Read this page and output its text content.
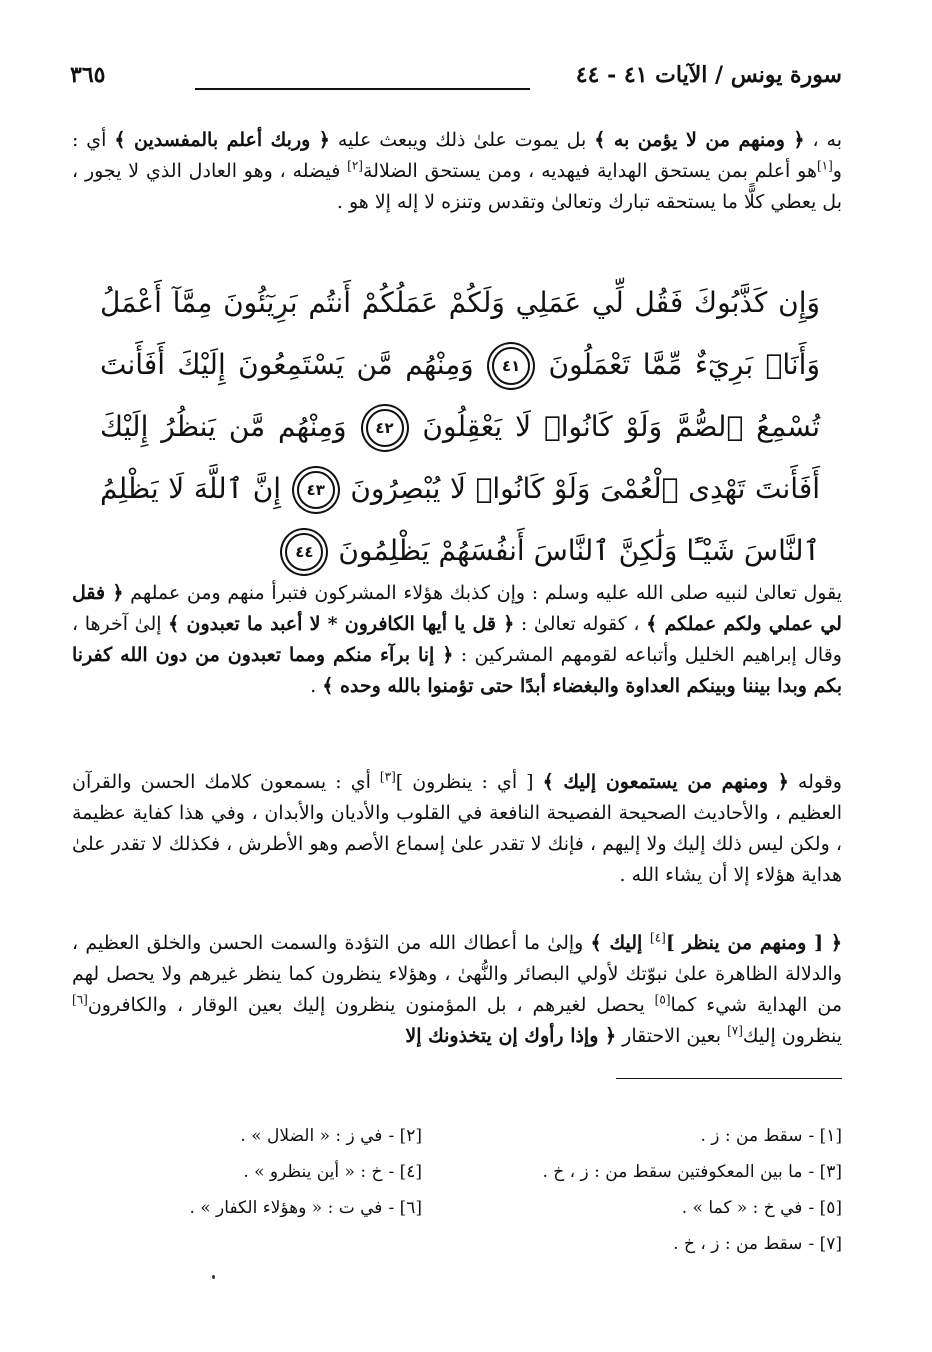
سورة يونس / الآيات ٤١ - ٤٤
٣٦٥
به ، ﴿ ومنهم من لا يؤمن به ﴾ بل يموت علىٰ ذلك ويبعث عليه ﴿ وربك أعلم بالمفسدين ﴾ أي : و[١]هو أعلم بمن يستحق الهداية فيهديه ، ومن يستحق الضلالة[٢] فيضله ، وهو العادل الذي لا يجور ، بل يعطي كلًّا ما يستحقه تبارك وتعالىٰ وتقدس وتنزه لا إله إلا هو .
وَإِن كَذَّبُوكَ فَقُل لِّي عَمَلِي وَلَكُمْ عَمَلُكُمْ أَنتُم بَرِيٓئُونَ مِمَّآ أَعْمَلُ وَأَنَا۠ بَرِيٓءٌ مِّمَّا تَعْمَلُونَ ٤١ وَمِنْهُم مَّن يَسْتَمِعُونَ إِلَيْكَ أَفَأَنتَ تُسْمِعُ ٱلصُّمَّ وَلَوْ كَانُوا۟ لَا يَعْقِلُونَ ٤٢ وَمِنْهُم مَّن يَنظُرُ إِلَيْكَ أَفَأَنتَ تَهْدِى ٱلْعُمْىَ وَلَوْ كَانُوا۟ لَا يُبْصِرُونَ ٤٣ إِنَّ ٱللَّهَ لَا يَظْلِمُ ٱلنَّاسَ شَيْـًٔا وَلَٰكِنَّ ٱلنَّاسَ أَنفُسَهُمْ يَظْلِمُونَ ٤٤
يقول تعالىٰ لنبيه صلى الله عليه وسلم : وإن كذبك هؤلاء المشركون فتبرأ منهم ومن عملهم ﴿ فقل لي عملي ولكم عملكم ﴾ ، كقوله تعالىٰ : ﴿ قل يا أيها الكافرون * لا أعبد ما تعبدون ﴾ إلىٰ آخرها ، وقال إبراهيم الخليل وأتباعه لقومهم المشركين : ﴿ إنا برآء منكم ومما تعبدون من دون الله كفرنا بكم وبدا بيننا وبينكم العداوة والبغضاء أبدًا حتى تؤمنوا بالله وحده ﴾ .
وقوله ﴿ ومنهم من يستمعون إليك ﴾ [ أي : ينظرون ][٣] أي : يسمعون كلامك الحسن والقرآن العظيم ، والأحاديث الصحيحة الفصيحة النافعة في القلوب والأديان والأبدان ، وفي هذا كفاية عظيمة ، ولكن ليس ذلك إليك ولا إليهم ، فإنك لا تقدر علىٰ إسماع الأصم وهو الأطرش ، فكذلك لا تقدر علىٰ هداية هؤلاء إلا أن يشاء الله .
﴿ [ ومنهم من ينظر ][٤] إليك ﴾ وإلىٰ ما أعطاك الله من التؤدة والسمت الحسن والخلق العظيم ، والدلالة الظاهرة علىٰ نبوّتك لأولي البصائر والنُّهىٰ ، وهؤلاء ينظرون كما ينظر غيرهم ولا يحصل لهم من الهداية شيء كما[٥] يحصل لغيرهم ، بل المؤمنون ينظرون إليك بعين الوقار ، والكافرون[٦] ينظرون إليك[٧] بعين الاحتقار ﴿ وإذا رأوك إن يتخذونك إلا
[١] -سقط من : ز .
[٢] -في ز : « الضلال » .
[٣] -ما بين المعكوفتين سقط من : ز ، خ .
[٤] -خ : « أين ينظرو » .
[٥] -في خ : « كما » .
[٦] -في ت : « وهؤلاء الكفار » .
[٧] -سقط من : ز ، خ .
